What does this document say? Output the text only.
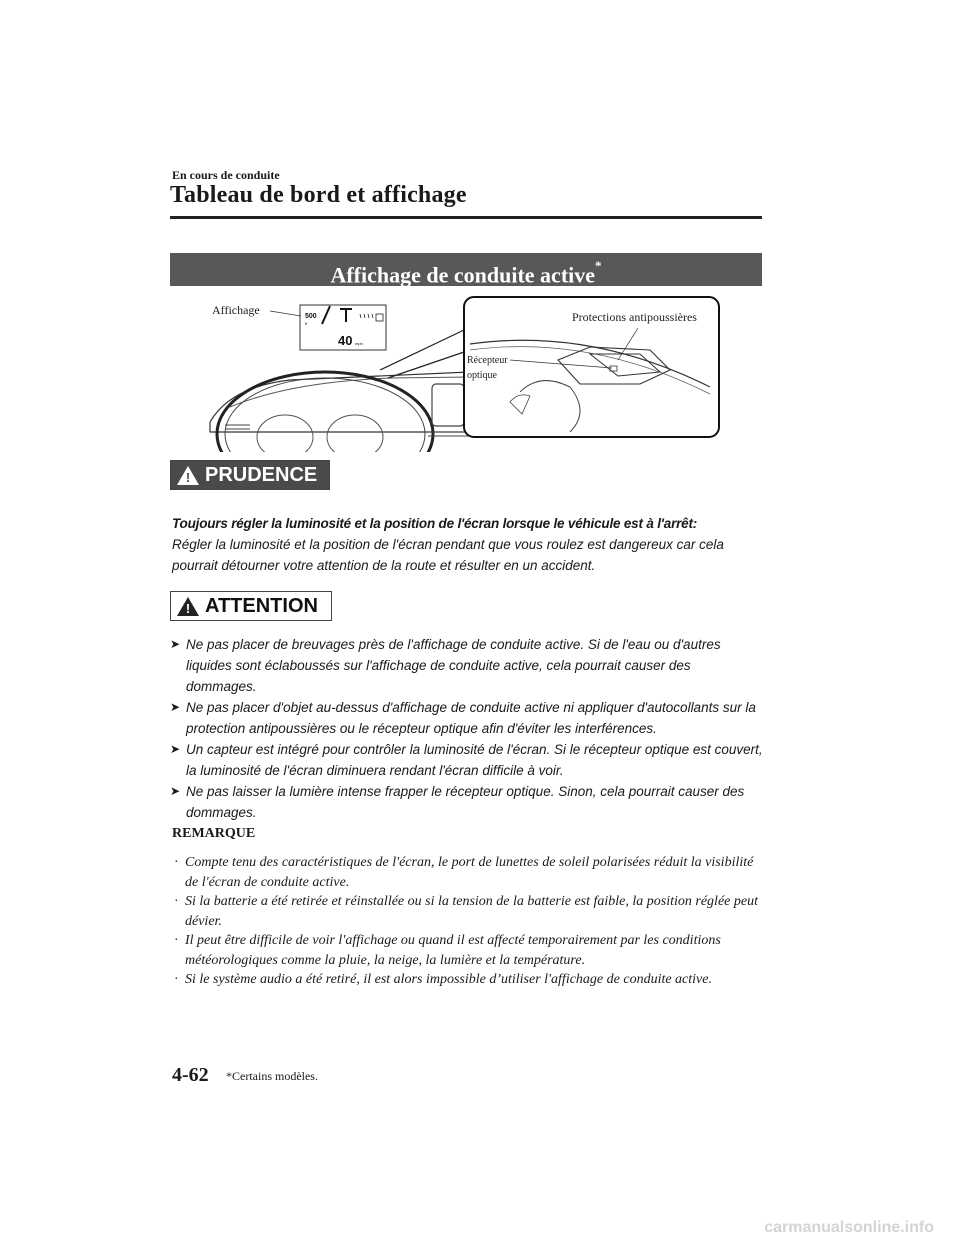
En cours de conduite
Tableau de bord et affichage
Affichage de conduite active*
500
ft
40 mph
Affichage	Protections antipoussières
Récepteur
optique
! PRUDENCE
Toujours régler la luminosité et la position de l'écran lorsque le véhicule est à l'arrêt:
Régler la luminosité et la position de l'écran pendant que vous roulez est dangereux car cela pourrait détourner votre attention de la route et résulter en un accident.
! ATTENTION
➤ Ne pas placer de breuvages près de l'affichage de conduite active. Si de l'eau ou d'autres liquides sont éclaboussés sur l'affichage de conduite active, cela pourrait causer des dommages.
➤ Ne pas placer d'objet au-dessus d'affichage de conduite active ni appliquer d'autocollants sur la protection antipoussières ou le récepteur optique afin d'éviter les interférences.
➤ Un capteur est intégré pour contrôler la luminosité de l'écran. Si le récepteur optique est couvert, la luminosité de l'écran diminuera rendant l'écran difficile à voir.
➤ Ne pas laisser la lumière intense frapper le récepteur optique. Sinon, cela pourrait causer des dommages.
REMARQUE
· Compte tenu des caractéristiques de l'écran, le port de lunettes de soleil polarisées réduit la visibilité de l'écran de conduite active.
· Si la batterie a été retirée et réinstallée ou si la tension de la batterie est faible, la position réglée peut dévier.
· Il peut être difficile de voir l'affichage ou quand il est affecté temporairement par les conditions météorologiques comme la pluie, la neige, la lumière et la température.
· Si le système audio a été retiré, il est alors impossible d’utiliser l'affichage de conduite active.
4-62 *Certains modèles.
carmanualsonline.info
